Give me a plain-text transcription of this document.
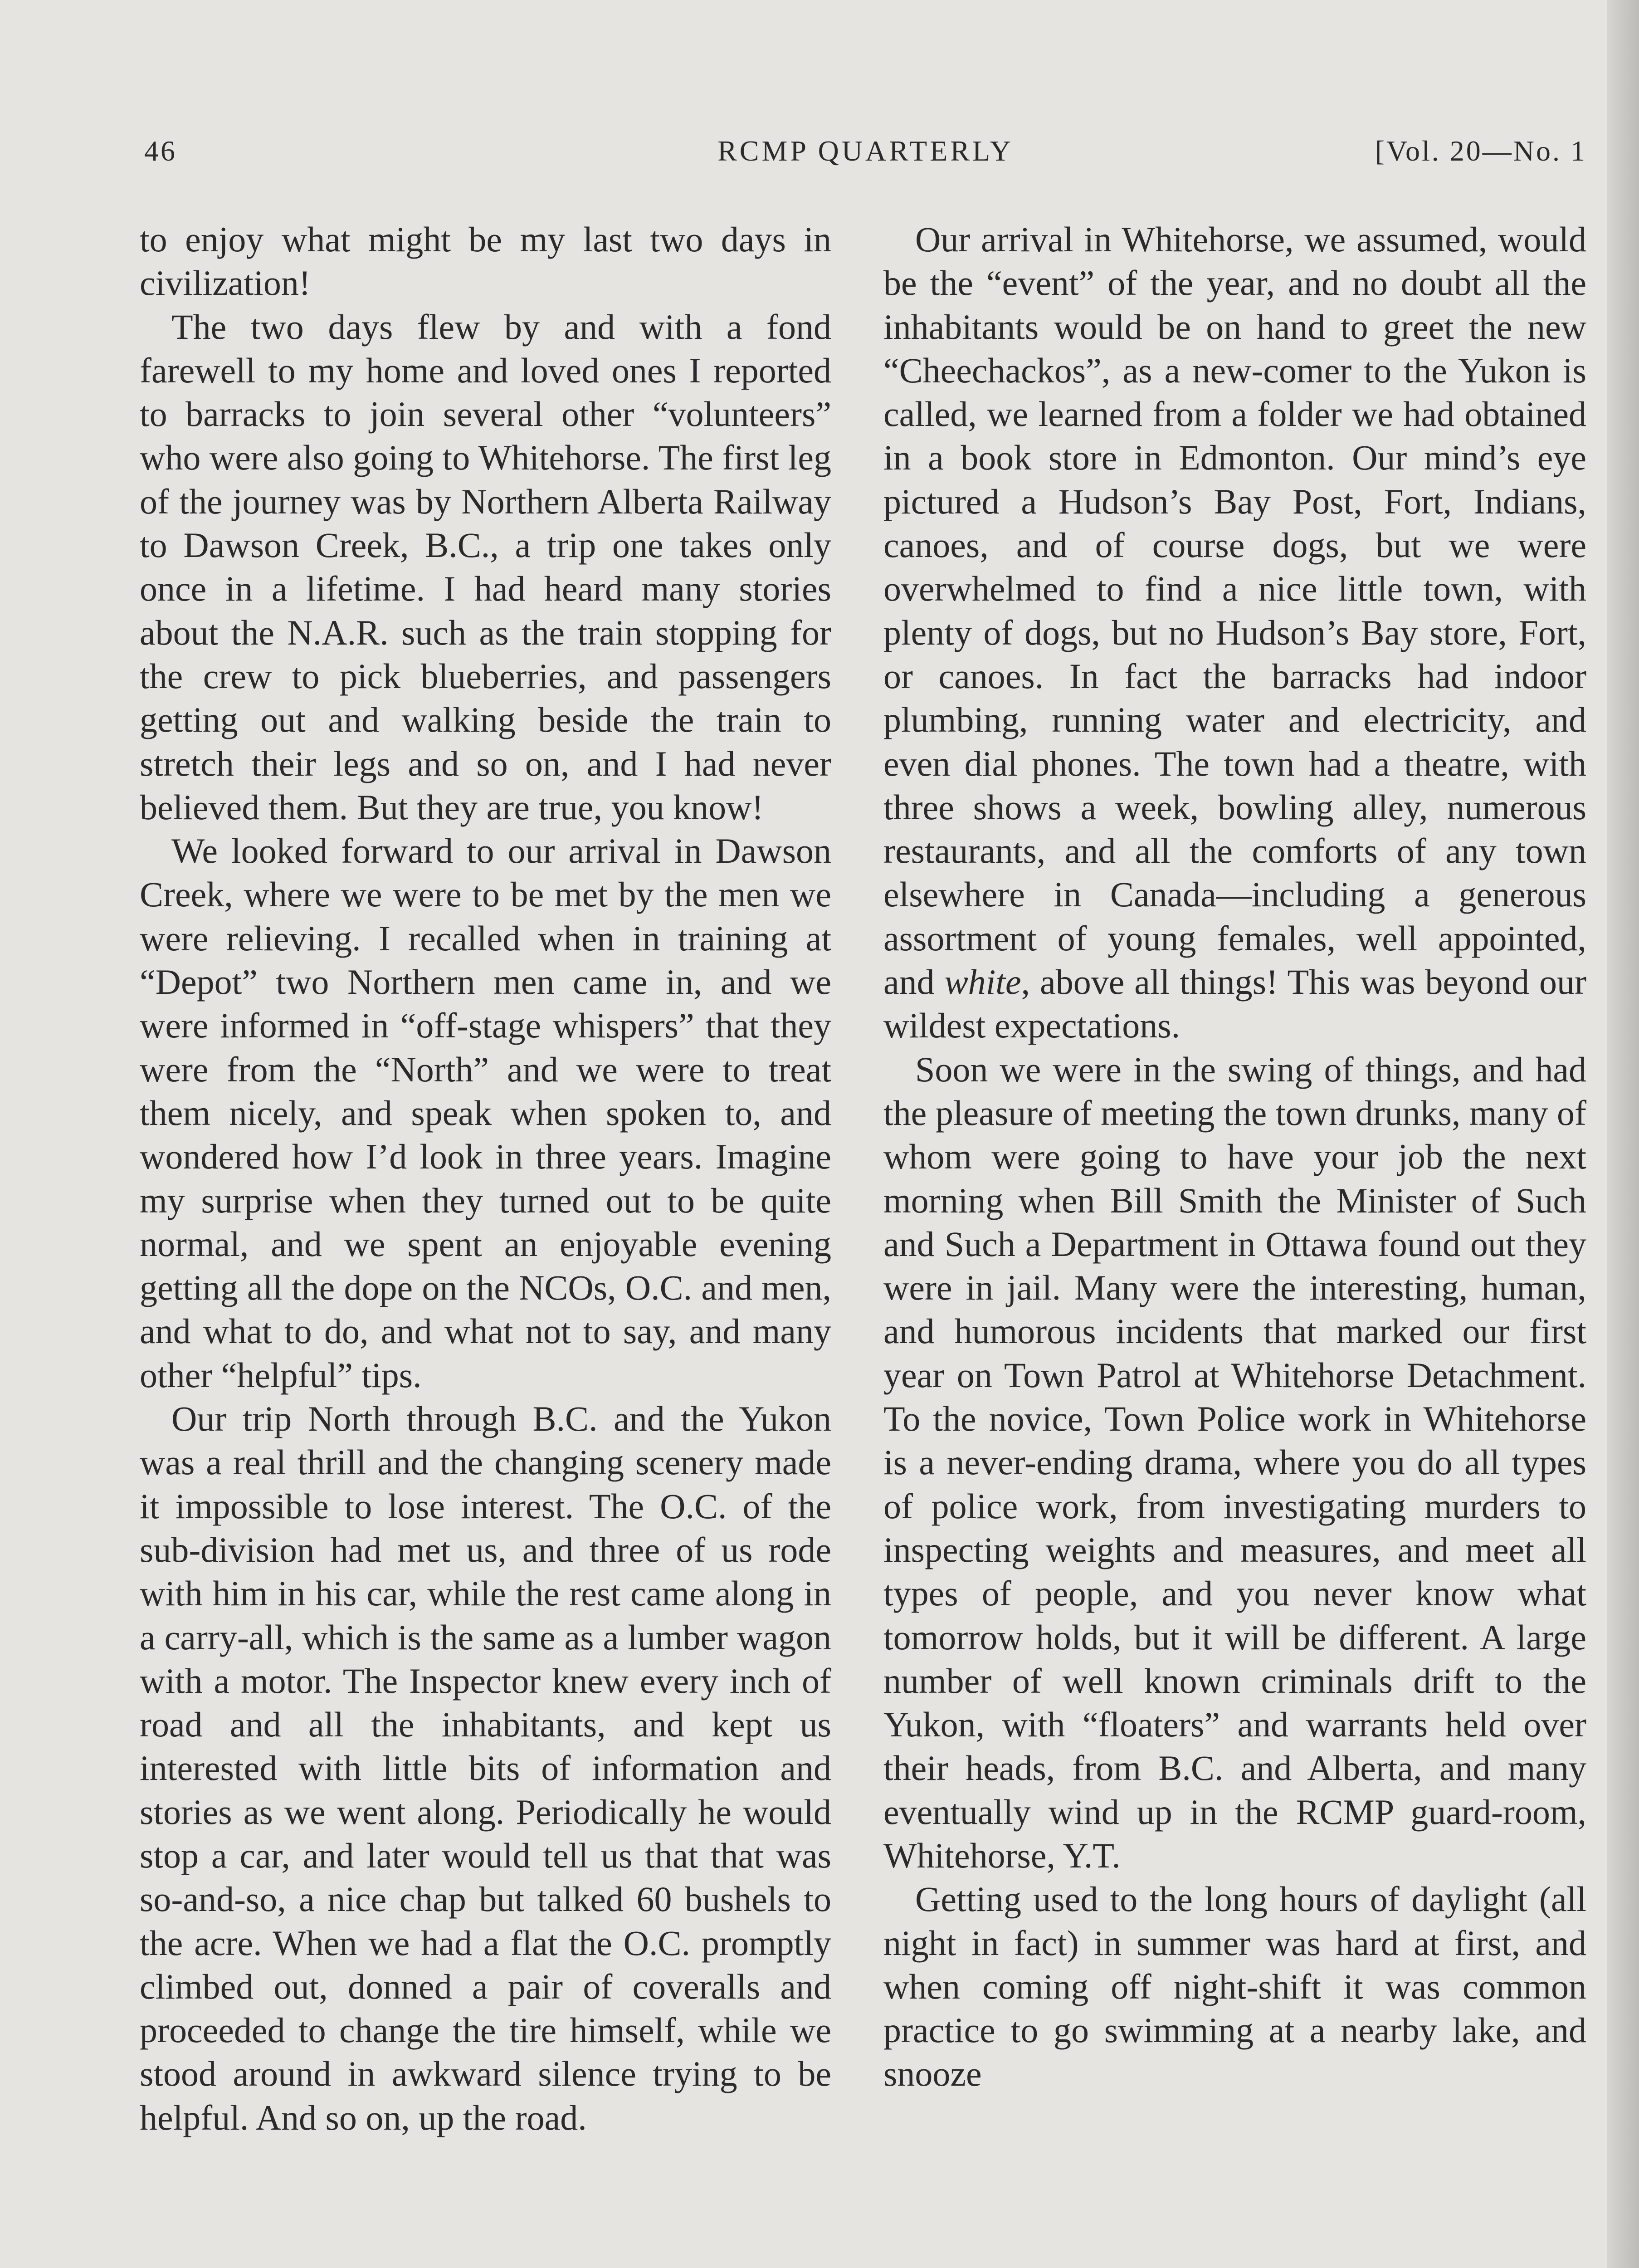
46	RCMP QUARTERLY	[Vol. 20—No. 1

to enjoy what might be my last two days in civilization!

The two days flew by and with a fond farewell to my home and loved ones I reported to barracks to join several other “volunteers” who were also going to Whitehorse. The first leg of the journey was by Northern Alberta Railway to Dawson Creek, B.C., a trip one takes only once in a lifetime. I had heard many stories about the N.A.R. such as the train stopping for the crew to pick blueberries, and passengers getting out and walking beside the train to stretch their legs and so on, and I had never believed them. But they are true, you know!

We looked forward to our arrival in Dawson Creek, where we were to be met by the men we were relieving. I recalled when in training at “Depot” two Northern men came in, and we were informed in “off-stage whispers” that they were from the “North” and we were to treat them nicely, and speak when spoken to, and wondered how I’d look in three years. Imagine my surprise when they turned out to be quite normal, and we spent an enjoyable evening getting all the dope on the NCOs, O.C. and men, and what to do, and what not to say, and many other “helpful” tips.

Our trip North through B.C. and the Yukon was a real thrill and the changing scenery made it impossible to lose interest. The O.C. of the sub-division had met us, and three of us rode with him in his car, while the rest came along in a carry-all, which is the same as a lumber wagon with a motor. The Inspector knew every inch of road and all the inhabitants, and kept us interested with little bits of information and stories as we went along. Periodically he would stop a car, and later would tell us that that was so-and-so, a nice chap but talked 60 bushels to the acre. When we had a flat the O.C. promptly climbed out, donned a pair of coveralls and proceeded to change the tire himself, while we stood around in awkward silence trying to be helpful. And so on, up the road.

Our arrival in Whitehorse, we assumed, would be the “event” of the year, and no doubt all the inhabitants would be on hand to greet the new “Cheechackos”, as a new-comer to the Yukon is called, we learned from a folder we had obtained in a book store in Edmonton. Our mind’s eye pictured a Hudson’s Bay Post, Fort, Indians, canoes, and of course dogs, but we were overwhelmed to find a nice little town, with plenty of dogs, but no Hudson’s Bay store, Fort, or canoes. In fact the barracks had indoor plumbing, running water and electricity, and even dial phones. The town had a theatre, with three shows a week, bowling alley, numerous restaurants, and all the comforts of any town elsewhere in Canada—including a generous assortment of young females, well appointed, and white, above all things! This was beyond our wildest expectations.

Soon we were in the swing of things, and had the pleasure of meeting the town drunks, many of whom were going to have your job the next morning when Bill Smith the Minister of Such and Such a Department in Ottawa found out they were in jail. Many were the interesting, human, and humorous incidents that marked our first year on Town Patrol at Whitehorse Detachment. To the novice, Town Police work in Whitehorse is a never-ending drama, where you do all types of police work, from investigating murders to inspecting weights and measures, and meet all types of people, and you never know what tomorrow holds, but it will be different. A large number of well known criminals drift to the Yukon, with “floaters” and warrants held over their heads, from B.C. and Alberta, and many eventually wind up in the RCMP guard-room, Whitehorse, Y.T.

Getting used to the long hours of daylight (all night in fact) in summer was hard at first, and when coming off night-shift it was common practice to go swimming at a nearby lake, and snooze
